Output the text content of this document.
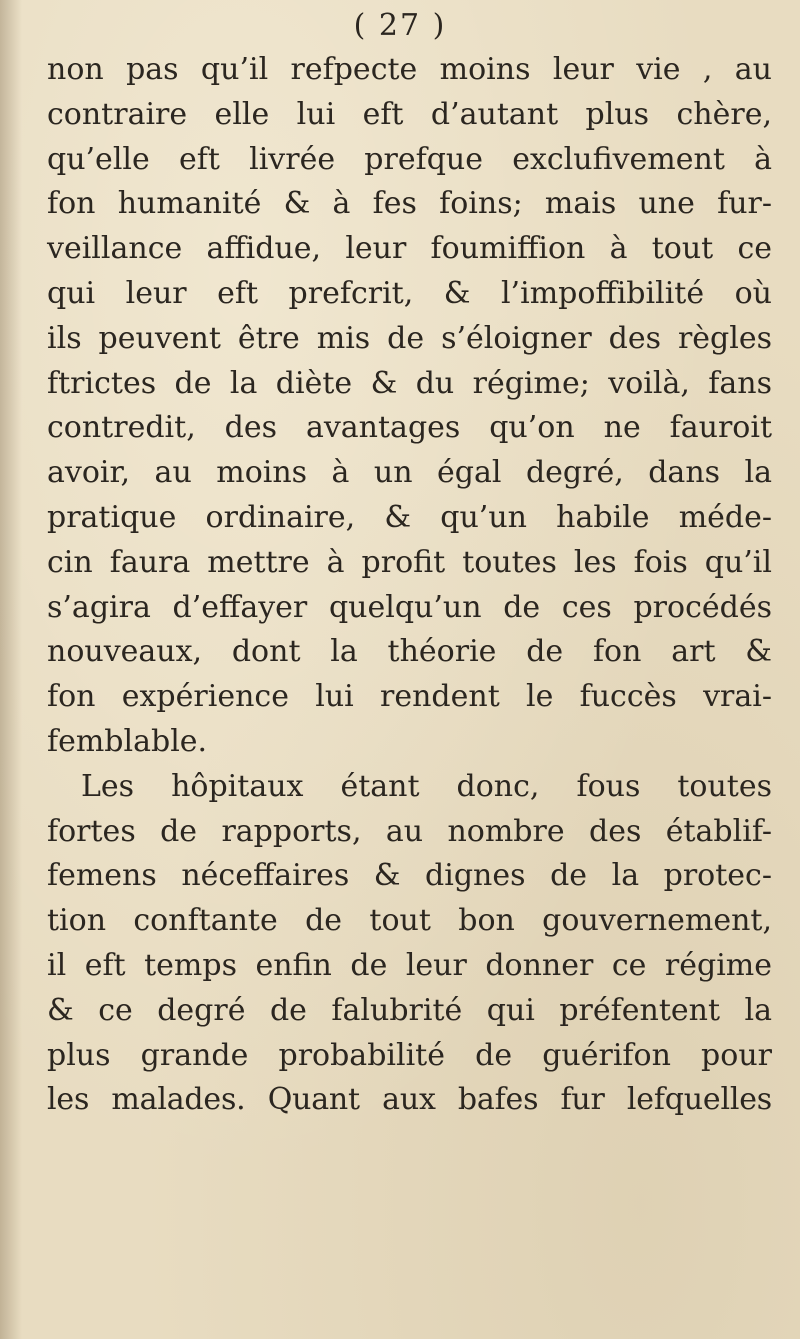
( 27 )
non pas qu’il refpecte moins leur vie , au
contraire elle lui eft d’autant plus chère,
qu’elle eft livrée prefque exclufivement à
fon humanité & à fes foins; mais une fur-
veillance affidue, leur foumiffion à tout ce
qui leur eft prefcrit, & l’impoffibilité où
ils peuvent être mis de s’éloigner des règles
ftrictes de la diète & du régime; voilà, fans
contredit, des avantages qu’on ne fauroit
avoir, au moins à un égal degré, dans la
pratique ordinaire, & qu’un habile méde-
cin faura mettre à profit toutes les fois qu’il
s’agira d’effayer quelqu’un de ces procédés
nouveaux, dont la théorie de fon art &
fon expérience lui rendent le fuccès vrai-
femblable.
Les hôpitaux étant donc, fous toutes
fortes de rapports, au nombre des établif-
femens néceffaires & dignes de la protec-
tion conftante de tout bon gouvernement,
il eft temps enfin de leur donner ce régime
& ce degré de falubrité qui préfentent la
plus grande probabilité de guérifon pour
les malades. Quant aux bafes fur lefquelles
